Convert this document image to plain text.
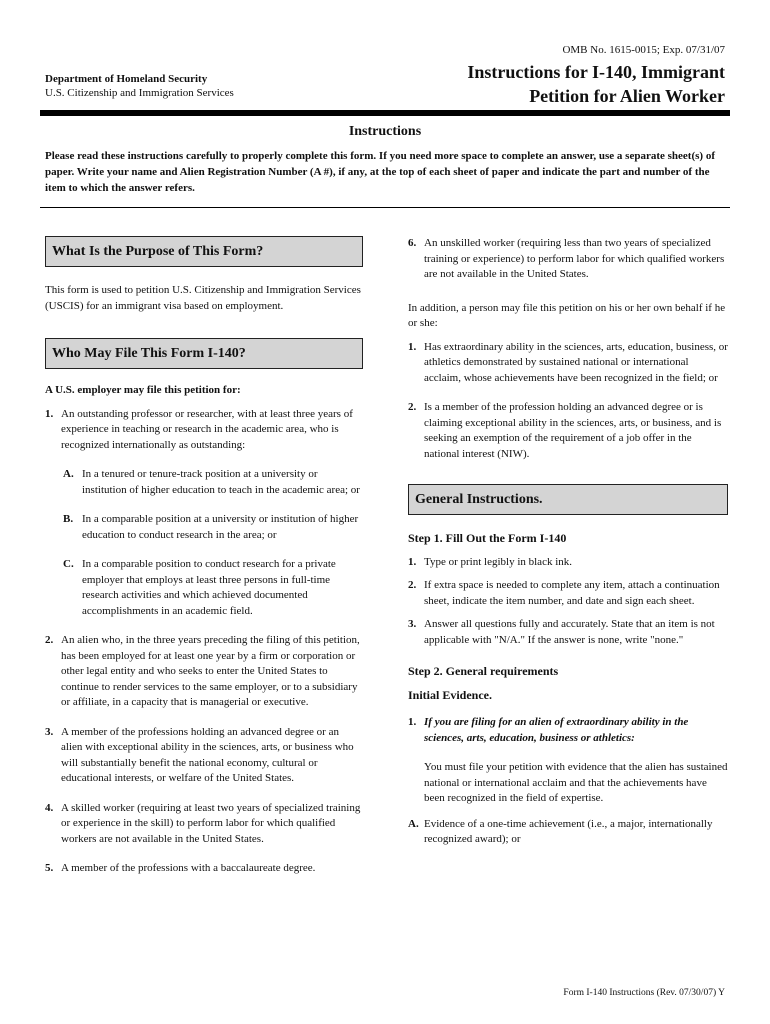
OMB No. 1615-0015; Exp. 07/31/07
Department of Homeland Security
U.S. Citizenship and Immigration Services
Instructions for I-140, Immigrant
Petition for Alien Worker
Instructions
Please read these instructions carefully to properly complete this form. If you need more space to complete an answer, use a separate sheet(s) of paper. Write your name and Alien Registration Number (A #), if any, at the top of each sheet of paper and indicate the part and number of the item to which the answer refers.
What Is the Purpose of This Form?
This form is used to petition U.S. Citizenship and Immigration Services (USCIS) for an immigrant visa based on employment.
Who May File This Form I-140?
A U.S. employer may file this petition for:
1. An outstanding professor or researcher, with at least three years of experience in teaching or research in the academic area, who is recognized internationally as outstanding:
A. In a tenured or tenure-track position at a university or institution of higher education to teach in the academic area; or
B. In a comparable position at a university or institution of higher education to conduct research in the area; or
C. In a comparable position to conduct research for a private employer that employs at least three persons in full-time research activities and which achieved documented accomplishments in an academic field.
2. An alien who, in the three years preceding the filing of this petition, has been employed for at least one year by a firm or corporation or other legal entity and who seeks to enter the United States to continue to render services to the same employer, or to a subsidiary or affiliate, in a capacity that is managerial or executive.
3. A member of the professions holding an advanced degree or an alien with exceptional ability in the sciences, arts, or business who will substantially benefit the national economy, cultural or educational interests, or welfare of the United States.
4. A skilled worker (requiring at least two years of specialized training or experience in the skill) to perform labor for which qualified workers are not available in the United States.
5. A member of the professions with a baccalaureate degree.
6. An unskilled worker (requiring less than two years of specialized training or experience) to perform labor for which qualified workers are not available in the United States.
In addition, a person may file this petition on his or her own behalf if he or she:
1. Has extraordinary ability in the sciences, arts, education, business, or athletics demonstrated by sustained national or international acclaim, whose achievements have been recognized in the field; or
2. Is a member of the profession holding an advanced degree or is claiming exceptional ability in the sciences, arts, or business, and is seeking an exemption of the requirement of a job offer in the national interest (NIW).
General Instructions.
Step 1. Fill Out the Form I-140
1. Type or print legibly in black ink.
2. If extra space is needed to complete any item, attach a continuation sheet, indicate the item number, and date and sign each sheet.
3. Answer all questions fully and accurately. State that an item is not applicable with "N/A." If the answer is none, write "none."
Step 2. General requirements
Initial Evidence.
1. If you are filing for an alien of extraordinary ability in the sciences, arts, education, business or athletics:
You must file your petition with evidence that the alien has sustained national or international acclaim and that the achievements have been recognized in the field of expertise.
A. Evidence of a one-time achievement (i.e., a major, internationally recognized award); or
Form I-140 Instructions (Rev. 07/30/07) Y
